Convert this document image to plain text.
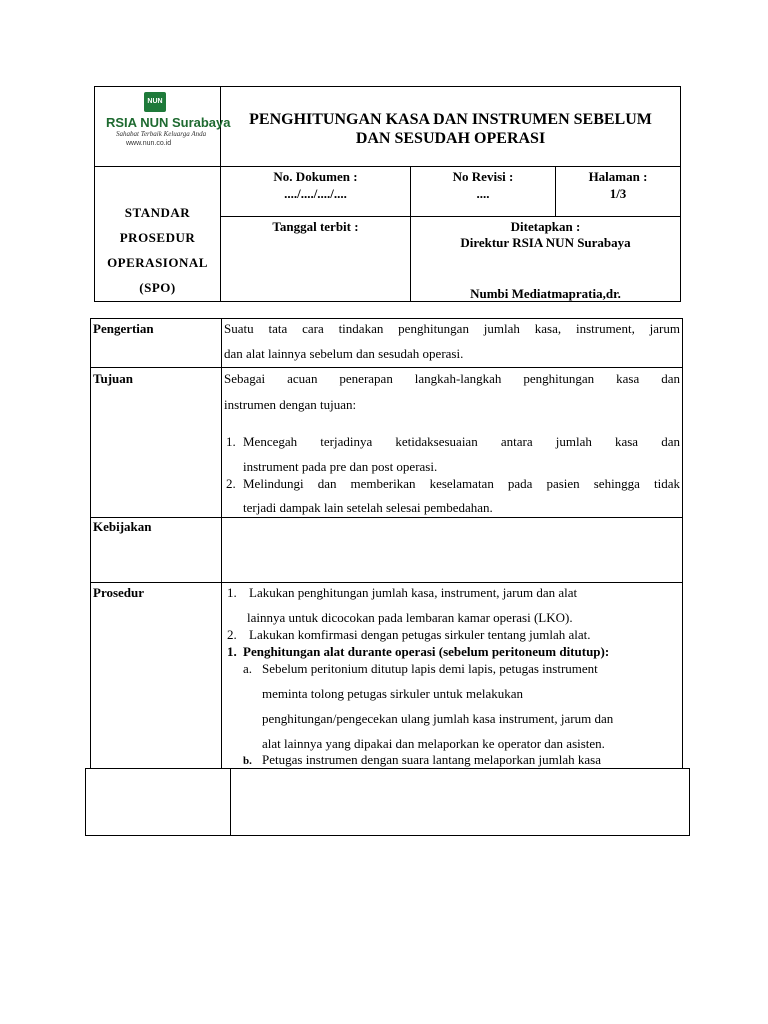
NUN
RSIA NUN Surabaya
Sahabat Terbaik Keluarga Anda
www.nun.co.id
PENGHITUNGAN KASA DAN INSTRUMEN SEBELUM
DAN SESUDAH OPERASI
STANDAR
PROSEDUR
OPERASIONAL
(SPO)
No. Dokumen :
..../..../..../....
No Revisi :
....
Halaman :
1/3
Tanggal terbit :	Ditetapkan :
Direktur RSIA NUN Surabaya
Numbi Mediatmapratia,dr.
Pengertian	Suatu tata cara tindakan penghitungan jumlah kasa, instrument, jarum
dan alat lainnya sebelum dan sesudah operasi.
Tujuan	Sebagai acuan penerapan langkah-langkah penghitungan kasa dan
instrumen dengan tujuan:
1. Mencegah terjadinya ketidaksesuaian antara jumlah kasa dan
instrument pada pre dan post operasi.
2. Melindungi dan memberikan keselamatan pada pasien sehingga tidak
terjadi dampak lain setelah selesai pembedahan.
Kebijakan
Prosedur	1. Lakukan penghitungan jumlah kasa, instrument, jarum dan alat
lainnya untuk dicocokan pada lembaran kamar operasi (LKO).
2. Lakukan komfirmasi dengan petugas sirkuler tentang jumlah alat.
1. Penghitungan alat durante operasi (sebelum peritoneum ditutup):
a. Sebelum peritonium ditutup lapis demi lapis, petugas instrument
meminta tolong petugas sirkuler untuk melakukan
penghitungan/pengecekan ulang jumlah kasa instrument, jarum dan
alat lainnya yang dipakai dan melaporkan ke operator dan asisten.
b. Petugas instrumen dengan suara lantang melaporkan jumlah kasa
